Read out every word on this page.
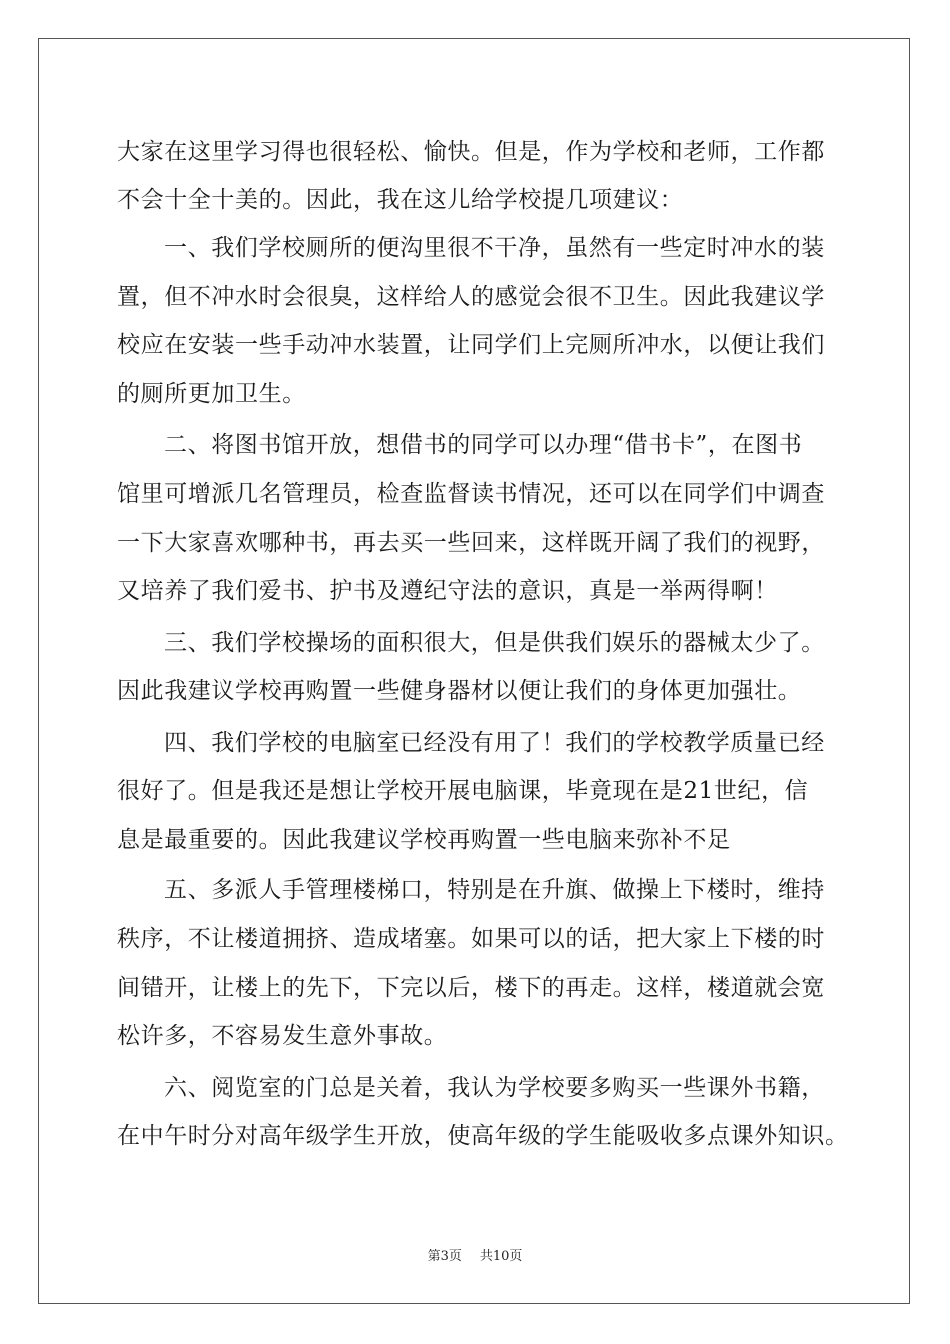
大家在这里学习得也很轻松、愉快。但是，作为学校和老师，工作都
不会十全十美的。因此，我在这儿给学校提几项建议：
一、我们学校厕所的便沟里很不干净，虽然有一些定时冲水的装
置，但不冲水时会很臭，这样给人的感觉会很不卫生。因此我建议学
校应在安装一些手动冲水装置，让同学们上完厕所冲水，以便让我们
的厕所更加卫生。
二、将图书馆开放，想借书的同学可以办理“借书卡”，在图书
馆里可增派几名管理员，检查监督读书情况，还可以在同学们中调查
一下大家喜欢哪种书，再去买一些回来，这样既开阔了我们的视野，
又培养了我们爱书、护书及遵纪守法的意识，真是一举两得啊！
三、我们学校操场的面积很大，但是供我们娱乐的器械太少了。
因此我建议学校再购置一些健身器材以便让我们的身体更加强壮。
四、我们学校的电脑室已经没有用了！我们的学校教学质量已经
很好了。但是我还是想让学校开展电脑课，毕竟现在是21世纪，信
息是最重要的。因此我建议学校再购置一些电脑来弥补不足
五、多派人手管理楼梯口，特别是在升旗、做操上下楼时，维持
秩序，不让楼道拥挤、造成堵塞。如果可以的话，把大家上下楼的时
间错开，让楼上的先下，下完以后，楼下的再走。这样，楼道就会宽
松许多，不容易发生意外事故。
六、阅览室的门总是关着，我认为学校要多购买一些课外书籍，
在中午时分对高年级学生开放，使高年级的学生能吸收多点课外知识。
第3页 共10页
